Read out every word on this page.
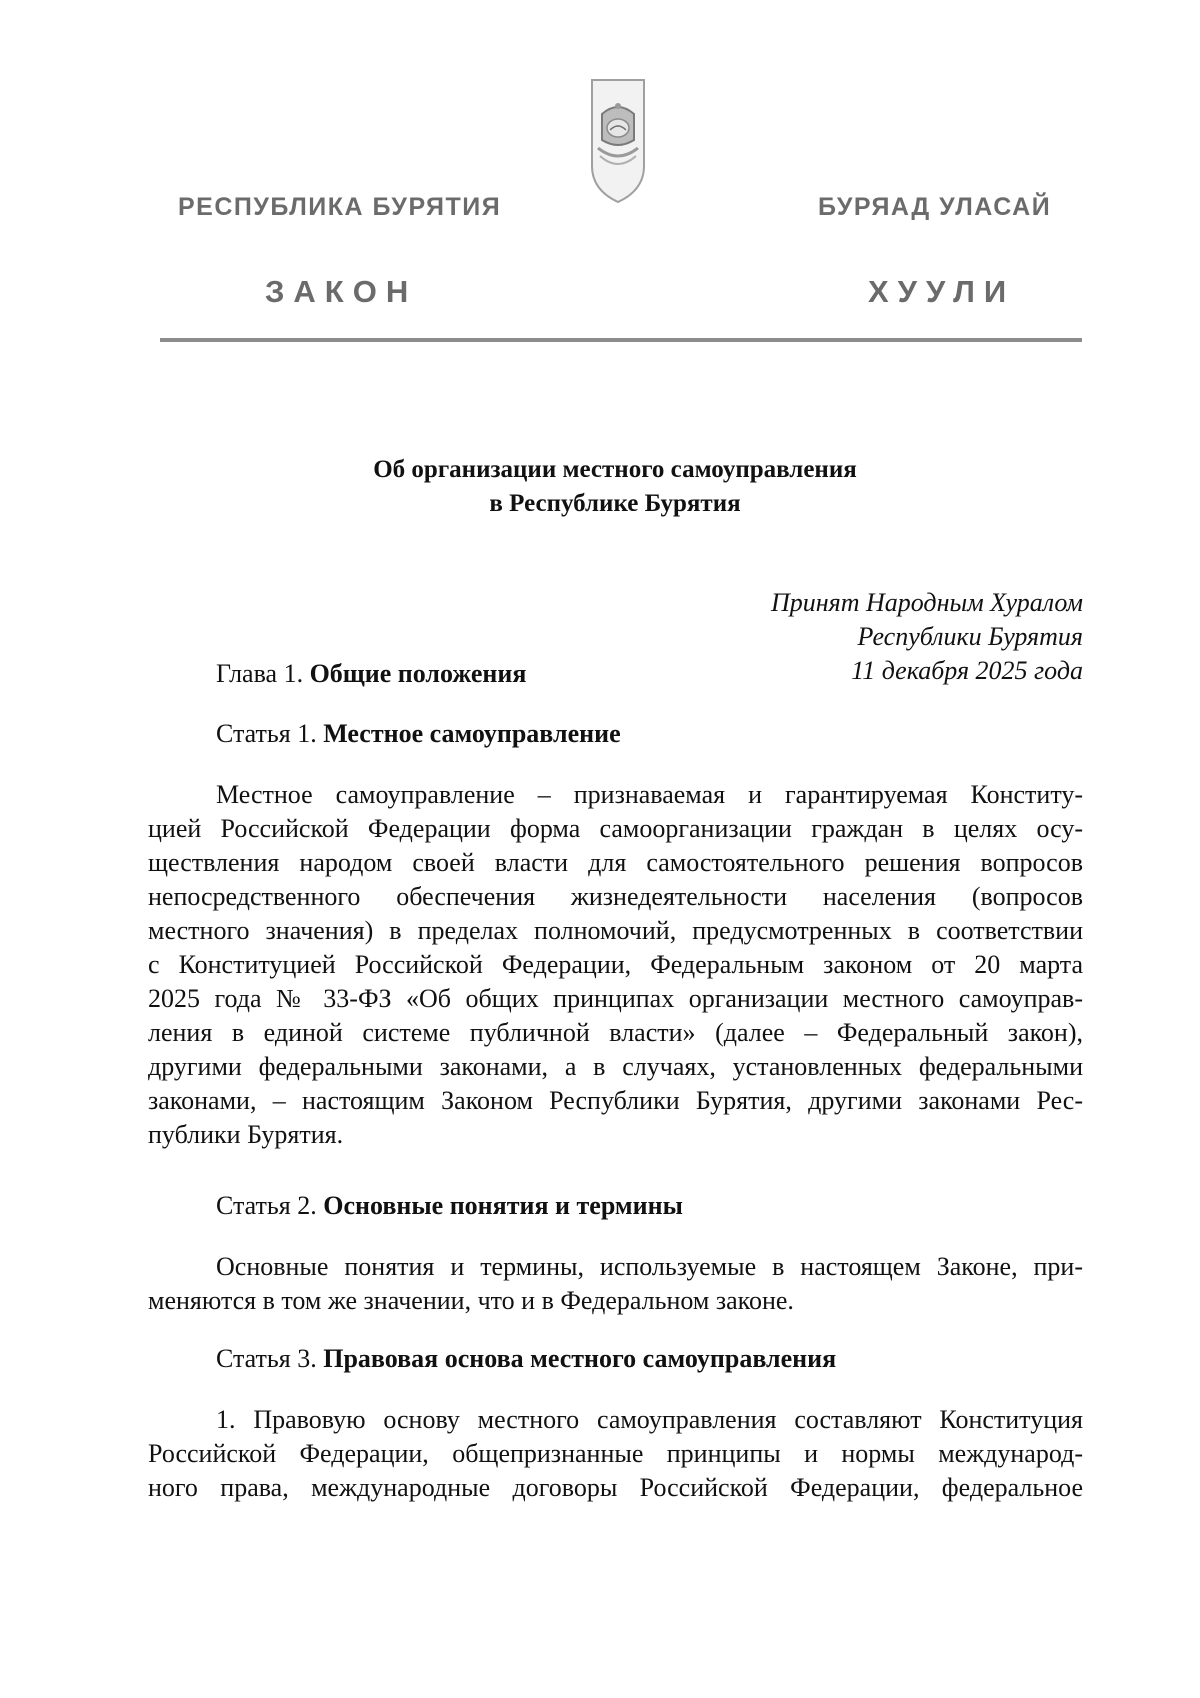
РЕСПУБЛИКА БУРЯТИЯ	БУРЯАД УЛАСАЙ
ЗАКОН	ХУУЛИ
Об организации местного самоуправления
в Республике Бурятия
Принят Народным Хуралом
Республики Бурятия
11 декабря 2025 года
Глава 1. Общие положения
Статья 1. Местное самоуправление
Местное самоуправление – признаваемая и гарантируемая Конститу-
цией Российской Федерации форма самоорганизации граждан в целях осу-
ществления народом своей власти для самостоятельного решения вопросов
непосредственного обеспечения жизнедеятельности населения (вопросов
местного значения) в пределах полномочий, предусмотренных в соответствии
с Конституцией Российской Федерации, Федеральным законом от 20 марта
2025 года № 33-ФЗ «Об общих принципах организации местного самоуправ-
ления в единой системе публичной власти» (далее – Федеральный закон),
другими федеральными законами, а в случаях, установленных федеральными
законами, – настоящим Законом Республики Бурятия, другими законами Рес-
публики Бурятия.
Статья 2. Основные понятия и термины
Основные понятия и термины, используемые в настоящем Законе, при-
меняются в том же значении, что и в Федеральном законе.
Статья 3. Правовая основа местного самоуправления
1. Правовую основу местного самоуправления составляют Конституция
Российской Федерации, общепризнанные принципы и нормы международ-
ного права, международные договоры Российской Федерации, федеральное
